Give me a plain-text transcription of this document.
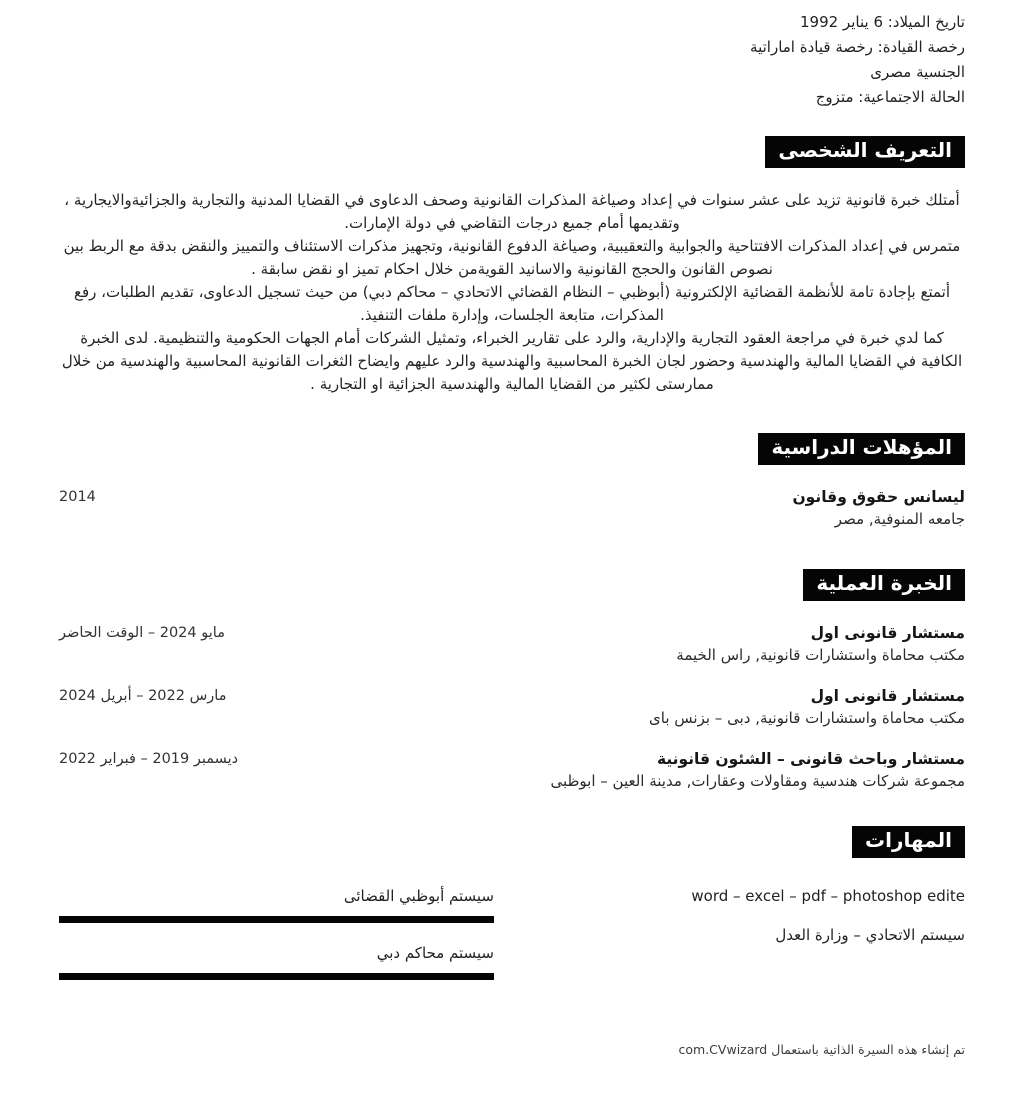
تاريخ الميلاد: 6 يناير 1992
رخصة القيادة: رخصة قيادة اماراتية
الجنسية مصرى
الحالة الاجتماعية: متزوج
التعريف الشخصى

أمتلك خبرة قانونية تزيد على عشر سنوات في إعداد وصياغة المذكرات القانونية وصحف الدعاوى في القضايا المدنية والتجارية والجزائيةوالايجارية ، وتقديمها أمام جميع درجات التقاضي في دولة الإمارات.

متمرس في إعداد المذكرات الافتتاحية والجوابية والتعقيبية، وصياغة الدفوع القانونية، وتجهيز مذكرات الاستئناف والتمييز والنقض بدقة مع الربط بين نصوص القانون والحجج القانونية والاسانيد القويةمن خلال احكام تميز او نقض سابقة .

أتمتع بإجادة تامة للأنظمة القضائية الإلكترونية (أبوظبي – النظام القضائي الاتحادي – محاكم دبي) من حيث تسجيل الدعاوى، تقديم الطلبات، رفع المذكرات، متابعة الجلسات، وإدارة ملفات التنفيذ.

كما لدي خبرة في مراجعة العقود التجارية والإدارية، والرد على تقارير الخبراء، وتمثيل الشركات أمام الجهات الحكومية والتنظيمية. لدى الخبرة الكافية في القضايا المالية والهندسية وحضور لجان الخبرة المحاسبية والهندسية والرد عليهم وايضاح الثغرات القانونية المحاسبية والهندسية من خلال ممارستى لكثير من القضايا المالية والهندسية الجزائية او التجارية .

المؤهلات الدراسية
ليسانس حقوق وقانون
جامعه المنوفية, مصر
2014
الخبرة العملية
مستشار قانونى اول
مكتب محاماة واستشارات قانونية, راس الخيمة
مايو 2024 – الوقت الحاضر
مستشار قانونى اول
مكتب محاماة واستشارات قانونية, دبى – بزنس باى
مارس 2022 – أبريل 2024
مستشار وباحث قانونى – الشئون قانونية
مجموعة شركات هندسية ومقاولات وعقارات, مدينة العين – ابوظبى
ديسمبر 2019 – فبراير 2022
المهارات
word – excel – pdf – photoshop edite
سيستم الاتحادي – وزارة العدل
سيستم أبوظبي القضائى
سيستم محاكم دبي
تم إنشاء هذه السيرة الذاتية باستعمال com.CVwizard
